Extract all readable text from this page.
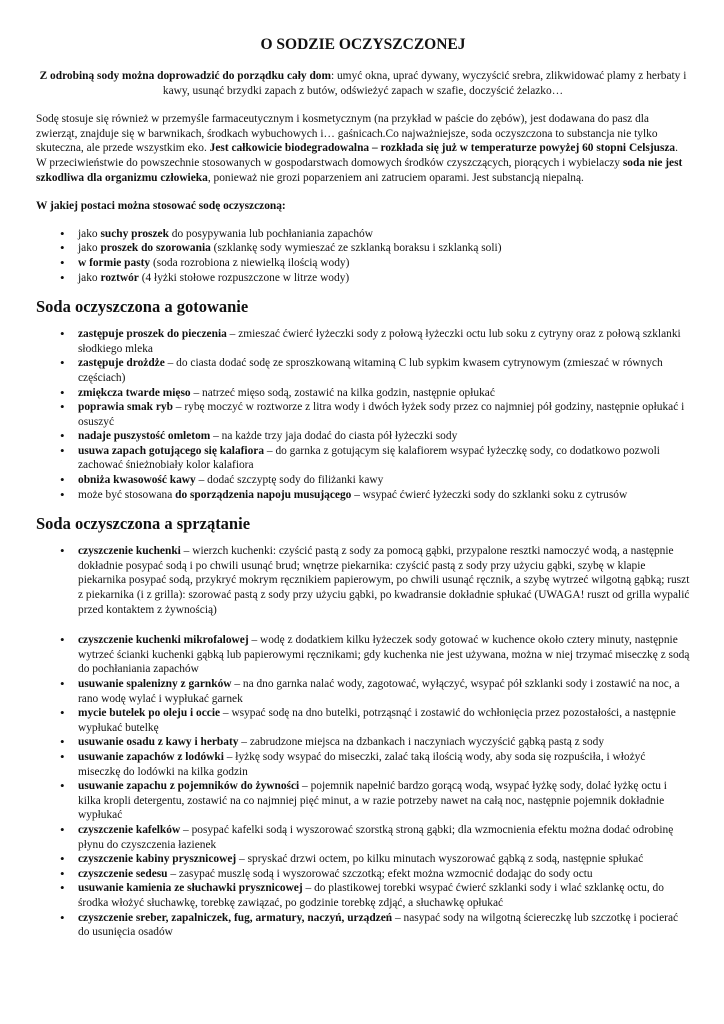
O SODZIE OCZYSZCZONEJ

Z odrobiną sody można doprowadzić do porządku cały dom: umyć okna, uprać dywany, wyczyścić srebra, zlikwidować plamy z herbaty i kawy, usunąć brzydki zapach z butów, odświeżyć zapach w szafie, doczyścić żelazko…

Sodę stosuje się również w przemyśle farmaceutycznym i kosmetycznym (na przykład w paście do zębów), jest dodawana do pasz dla zwierząt, znajduje się w barwnikach, środkach wybuchowych i… gaśnicach.Co najważniejsze, soda oczyszczona to substancja nie tylko skuteczna, ale przede wszystkim eko. Jest całkowicie biodegradowalna – rozkłada się już w temperaturze powyżej 60 stopni Celsjusza. W przeciwieństwie do powszechnie stosowanych w gospodarstwach domowych środków czyszczących, piorących i wybielaczy soda nie jest szkodliwa dla organizmu człowieka, ponieważ nie grozi poparzeniem ani zatruciem oparami. Jest substancją niepalną.

W jakiej postaci można stosować sodę oczyszczoną:

• jako suchy proszek do posypywania lub pochłaniania zapachów
• jako proszek do szorowania (szklankę sody wymieszać ze szklanką boraksu i szklanką soli)
• w formie pasty (soda rozrobiona z niewielką ilością wody)
• jako roztwór (4 łyżki stołowe rozpuszczone w litrze wody)
Soda oczyszczona a gotowanie
• zastępuje proszek do pieczenia – zmieszać ćwierć łyżeczki sody z połową łyżeczki octu lub soku z cytryny oraz z połową szklanki słodkiego mleka
• zastępuje drożdże – do ciasta dodać sodę ze sproszkowaną witaminą C lub sypkim kwasem cytrynowym (zmieszać w równych częściach)
• zmiękcza twarde mięso – natrzeć mięso sodą, zostawić na kilka godzin, następnie opłukać
• poprawia smak ryb – rybę moczyć w roztworze z litra wody i dwóch łyżek sody przez co najmniej pół godziny, następnie opłukać i osuszyć
• nadaje puszystość omletom – na każde trzy jaja dodać do ciasta pół łyżeczki sody
• usuwa zapach gotującego się kalafiora – do garnka z gotującym się kalafiorem wsypać łyżeczkę sody, co dodatkowo pozwoli zachować śnieżnobiały kolor kalafiora
• obniża kwasowość kawy – dodać szczyptę sody do filiżanki kawy
• może być stosowana do sporządzenia napoju musującego – wsypać ćwierć łyżeczki sody do szklanki soku z cytrusów
Soda oczyszczona a sprzątanie
• czyszczenie kuchenki – wierzch kuchenki: czyścić pastą z sody za pomocą gąbki, przypalone resztki namoczyć wodą, a następnie dokładnie posypać sodą i po chwili usunąć brud; wnętrze piekarnika: czyścić pastą z sody przy użyciu gąbki, szybę w klapie piekarnika posypać sodą, przykryć mokrym ręcznikiem papierowym, po chwili usunąć ręcznik, a szybę wytrzeć wilgotną gąbką; ruszt z piekarnika (i z grilla): szorować pastą z sody przy użyciu gąbki, po kwadransie dokładnie spłukać (UWAGA! ruszt od grilla wypalić przed kontaktem z żywnością)
• czyszczenie kuchenki mikrofalowej – wodę z dodatkiem kilku łyżeczek sody gotować w kuchence około cztery minuty, następnie wytrzeć ścianki kuchenki gąbką lub papierowymi ręcznikami; gdy kuchenka nie jest używana, można w niej trzymać miseczkę z sodą do pochłaniania zapachów
• usuwanie spalenizny z garnków – na dno garnka nalać wody, zagotować, wyłączyć, wsypać pół szklanki sody i zostawić na noc, a rano wodę wylać i wypłukać garnek
• mycie butelek po oleju i occie – wsypać sodę na dno butelki, potrząsnąć i zostawić do wchłonięcia przez pozostałości, a następnie wypłukać butelkę
• usuwanie osadu z kawy i herbaty – zabrudzone miejsca na dzbankach i naczyniach wyczyścić gąbką pastą z sody
• usuwanie zapachów z lodówki – łyżkę sody wsypać do miseczki, zalać taką ilością wody, aby soda się rozpuściła, i włożyć miseczkę do lodówki na kilka godzin
• usuwanie zapachu z pojemników do żywności – pojemnik napełnić bardzo gorącą wodą, wsypać łyżkę sody, dolać łyżkę octu i kilka kropli detergentu, zostawić na co najmniej pięć minut, a w razie potrzeby nawet na całą noc, następnie pojemnik dokładnie wypłukać
• czyszczenie kafelków – posypać kafelki sodą i wyszorować szorstką stroną gąbki; dla wzmocnienia efektu można dodać odrobinę płynu do czyszczenia łazienek
• czyszczenie kabiny prysznicowej – spryskać drzwi octem, po kilku minutach wyszorować gąbką z sodą, następnie spłukać
• czyszczenie sedesu – zasypać muszlę sodą i wyszorować szczotką; efekt można wzmocnić dodając do sody octu
• usuwanie kamienia ze słuchawki prysznicowej – do plastikowej torebki wsypać ćwierć szklanki sody i wlać szklankę octu, do środka włożyć słuchawkę, torebkę zawiązać, po godzinie torebkę zdjąć, a słuchawkę opłukać
• czyszczenie sreber, zapalniczek, fug, armatury, naczyń, urządzeń – nasypać sody na wilgotną ściereczkę lub szczotkę i pocierać do usunięcia osadów
